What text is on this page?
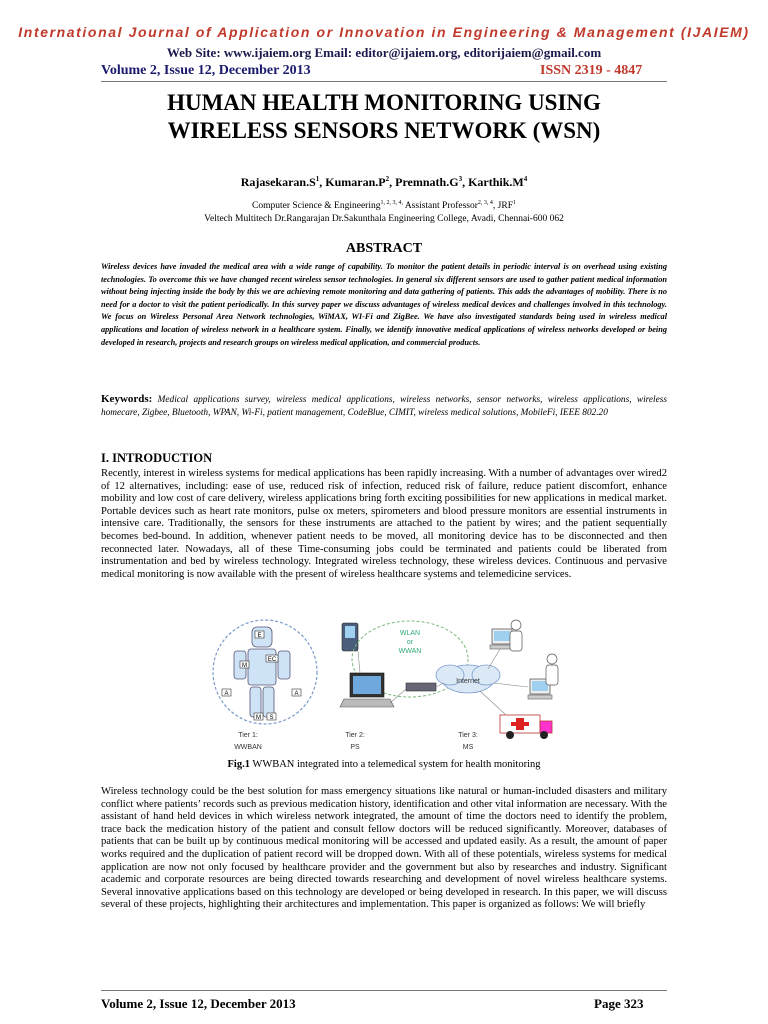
International Journal of Application or Innovation in Engineering & Management (IJAIEM)
Web Site: www.ijaiem.org Email: editor@ijaiem.org, editorijaiem@gmail.com
Volume 2, Issue 12, December 2013	ISSN 2319 - 4847
HUMAN HEALTH MONITORING USING
WIRELESS SENSORS NETWORK (WSN)
$Rajasekaran.S^1$, $Kumaran.P^2$, $Premnath.G^3$, $Karthik.M^4$
Computer Science & Engineering$^{1, 2, 3, 4,}$ Assistant Professor$^{2, 3, 4}$, JRF$^1$
Veltech Multitech Dr.Rangarajan Dr.Sakunthala Engineering College, Avadi, Chennai-600 062
ABSTRACT

Wireless devices have invaded the medical area with a wide range of capability. To monitor the patient details in periodic interval is on overhead using existing technologies. To overcome this we have changed recent wireless sensor technologies. In general six different sensors are used to gather patient medical information without being injecting inside the body by this we are achieving remote monitoring and data gathering of patients. This adds the advantages of mobility. There is no need for a doctor to visit the patient periodically. In this survey paper we discuss advantages of wireless medical devices and challenges involved in this technology. We focus on Wireless Personal Area Network technologies, WiMAX, WI-Fi and ZigBee. We have also investigated standards being used in wireless medical applications and location of wireless network in a healthcare system. Finally, we identify innovative medical applications of wireless networks developed or being developed in research, projects and research groups on wireless medical application, and commercial products.

Keywords: Medical applications survey, wireless medical applications, wireless networks, sensor networks, wireless applications, wireless homecare, Zigbee, Bluetooth, WPAN, Wi-Fi, patient management, CodeBlue, CIMIT, wireless medical solutions, MobileFi, IEEE 802.20

I. INTRODUCTION

Recently, interest in wireless systems for medical applications has been rapidly increasing. With a number of advantages over wired2 of 12 alternatives, including: ease of use, reduced risk of infection, reduced risk of failure, reduce patient discomfort, enhance mobility and low cost of care delivery, wireless applications bring forth exciting possibilities for new applications in medical market. Portable devices such as heart rate monitors, pulse ox meters, spirometers and blood pressure monitors are essential instruments in intensive care. Traditionally, the sensors for these instruments are attached to the patient by wires; and the patient sequentially becomes bed-bound. In addition, whenever patient needs to be moved, all monitoring device has to be disconnected and then reconnected later. Nowadays, all of these Time-consuming jobs could be terminated and patients could be liberated from instrumentation and bed by wireless technology. Integrated wireless technology, these wireless devices. Continuous and pervasive medical monitoring is now available with the present of wireless healthcare systems and telemedicine services.

E
M
EC
A	A
M S
WLAN
or
WWAN
Internet
Tier 1:
WWBAN
Tier 2:
PS
Tier 3:
MS
Fig.1 WWBAN integrated into a telemedical system for health monitoring

Wireless technology could be the best solution for mass emergency situations like natural or human-included disasters and military conflict where patients’ records such as previous medication history, identification and other vital information are necessary. With the assistant of hand held devices in which wireless network integrated, the amount of time the doctors need to identify the problem, trace back the medication history of the patient and consult fellow doctors will be reduced significantly. Moreover, databases of patients that can be built up by continuous medical monitoring will be accessed and updated easily. As a result, the amount of paper works required and the duplication of patient record will be dropped down. With all of these potentials, wireless systems for medical application are now not only focused by healthcare provider and the government but also by researches and industry. Significant academic and corporate resources are being directed towards researching and development of novel wireless healthcare systems. Several innovative applications based on this technology are developed or being developed in research. In this paper, we will discuss several of these projects, highlighting their architectures and implementation. This paper is organized as follows: We will briefly

Volume 2, Issue 12, December 2013	Page 323
